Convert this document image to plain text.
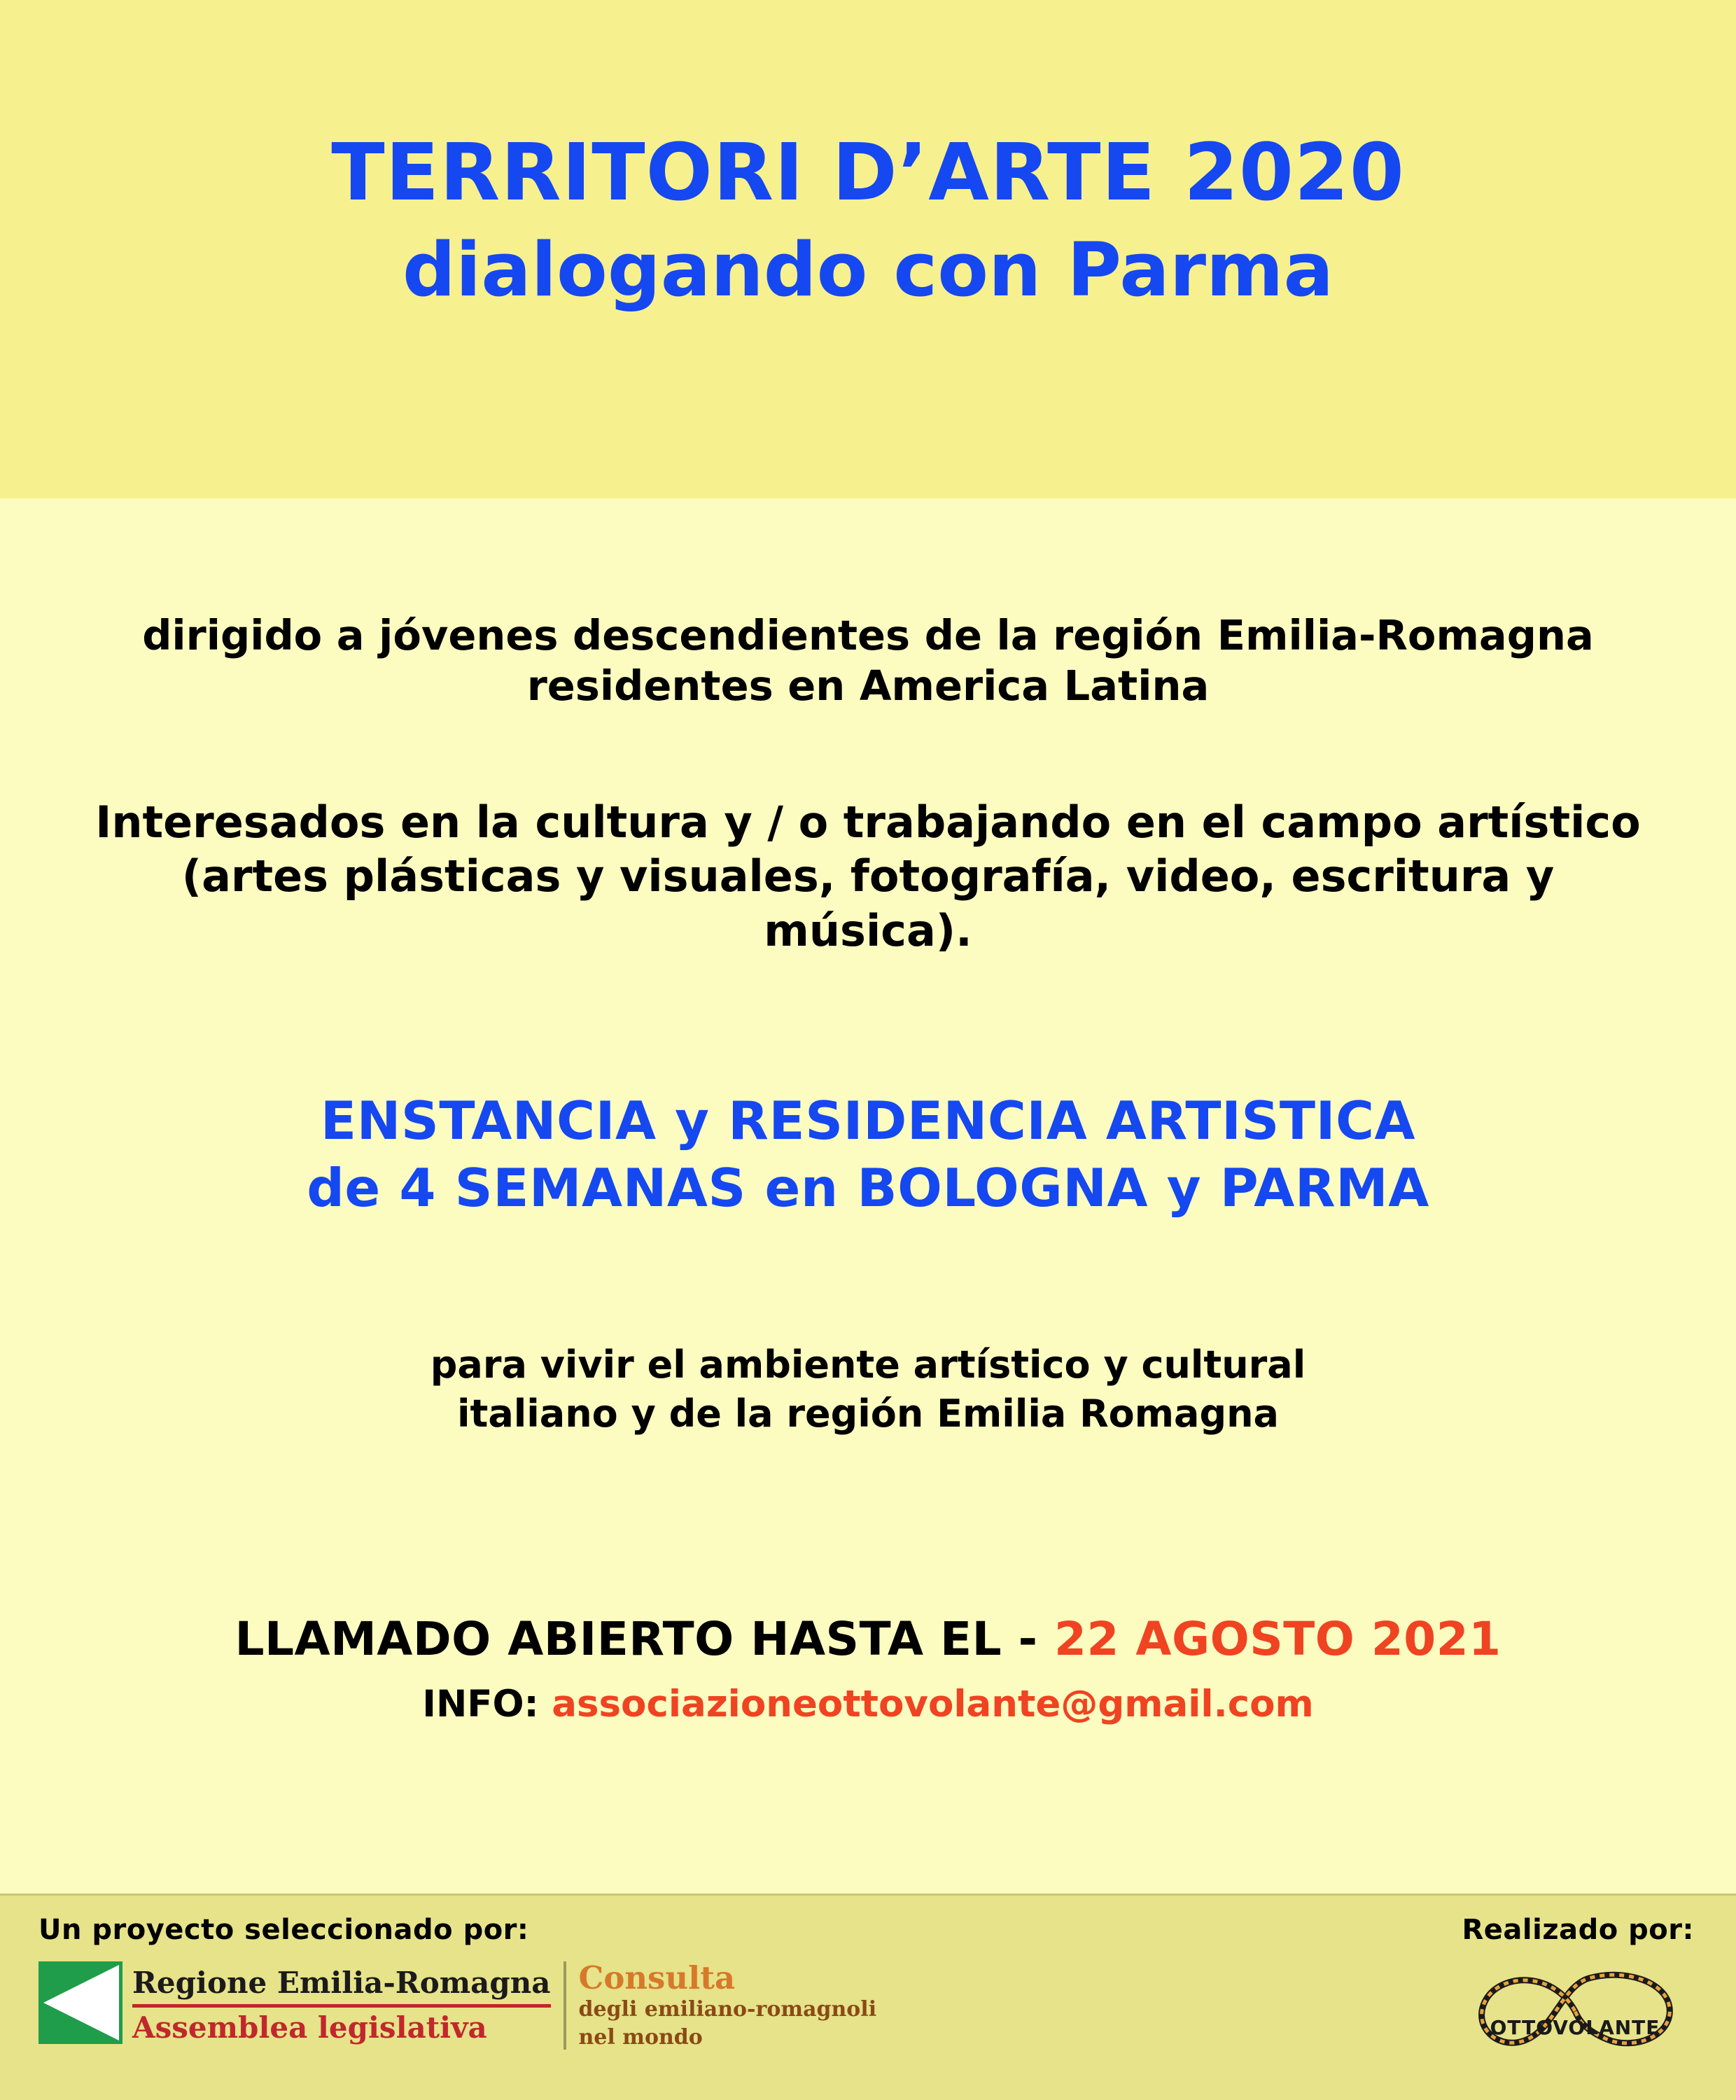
TERRITORI D’ARTE 2020
dialogando con Parma
dirigido a jóvenes descendientes de la región Emilia-Romagna residentes en America Latina
Interesados en la cultura y / o trabajando en el campo artístico (artes plásticas y visuales, fotografía, video, escritura y música).
ENSTANCIA y RESIDENCIA ARTISTICA
de 4 SEMANAS en BOLOGNA y PARMA
para vivir el ambiente artístico y cultural
italiano y de la región Emilia Romagna
LLAMADO ABIERTO HASTA EL - 22 AGOSTO 2021
INFO: associazioneottovolante@gmail.com
Un proyecto seleccionado por:
Regione Emilia-Romagna
Assemblea legislativa
Consulta
degli emiliano-romagnoli
nel mondo
Realizado por:
OTTOVOLANTE
